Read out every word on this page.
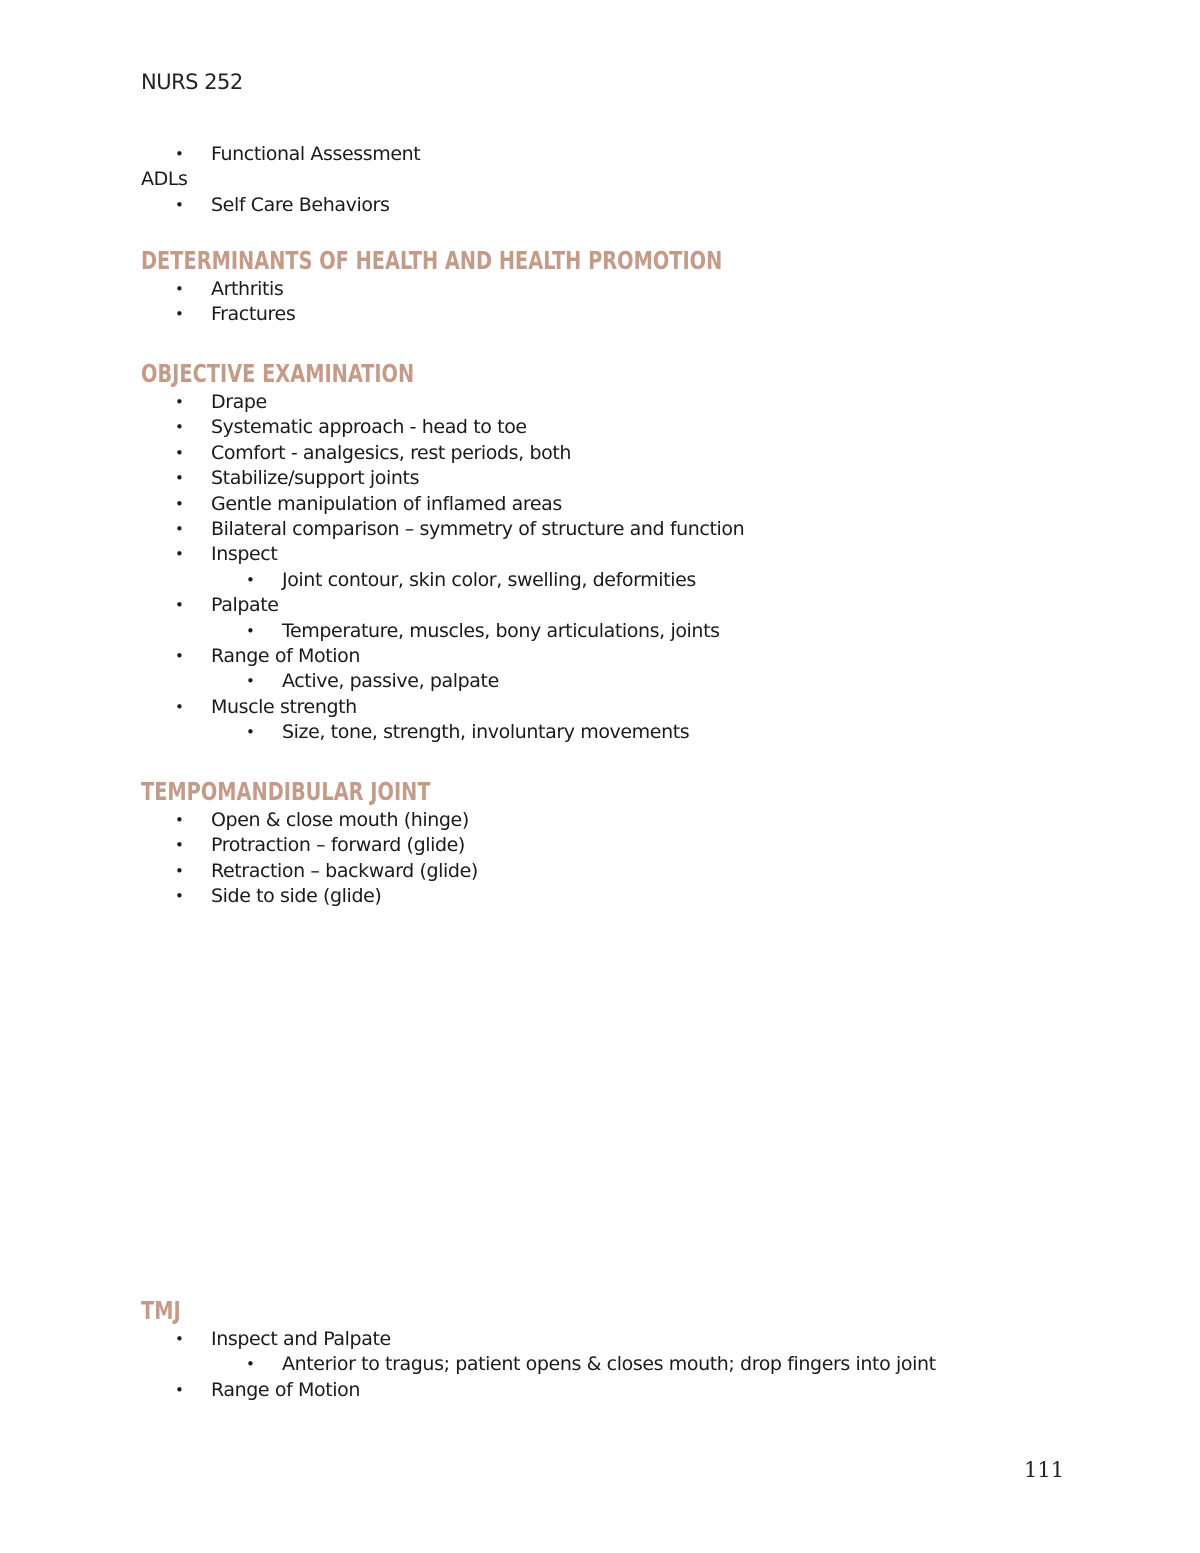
NURS 252
• Functional Assessment
ADLs
• Self Care Behaviors
DETERMINANTS OF HEALTH AND HEALTH PROMOTION
• Arthritis
• Fractures
OBJECTIVE EXAMINATION
• Drape
• Systematic approach - head to toe
• Comfort - analgesics, rest periods, both
• Stabilize/support joints
• Gentle manipulation of inflamed areas
• Bilateral comparison – symmetry of structure and function
• Inspect
• Joint contour, skin color, swelling, deformities
• Palpate
• Temperature, muscles, bony articulations, joints
• Range of Motion
• Active, passive, palpate
• Muscle strength
• Size, tone, strength, involuntary movements
TEMPOMANDIBULAR JOINT
• Open & close mouth (hinge)
• Protraction – forward (glide)
• Retraction – backward (glide)
• Side to side (glide)
TMJ
• Inspect and Palpate
• Anterior to tragus; patient opens & closes mouth; drop fingers into joint
• Range of Motion
111
